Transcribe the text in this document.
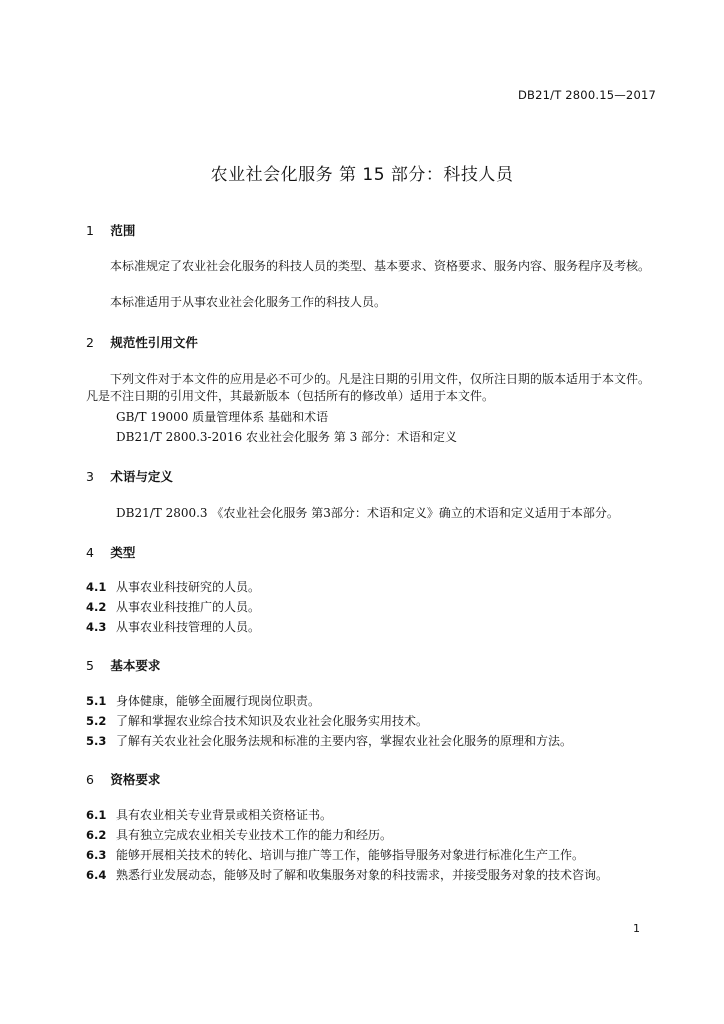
DB21/T 2800.15—2017
农业社会化服务 第 15 部分：科技人员
1 范围
本标准规定了农业社会化服务的科技人员的类型、基本要求、资格要求、服务内容、服务程序及考核。
本标准适用于从事农业社会化服务工作的科技人员。
2 规范性引用文件
下列文件对于本文件的应用是必不可少的。凡是注日期的引用文件，仅所注日期的版本适用于本文件。凡是不注日期的引用文件，其最新版本（包括所有的修改单）适用于本文件。
GB/T 19000 质量管理体系 基础和术语
DB21/T 2800.3-2016 农业社会化服务 第 3 部分：术语和定义
3 术语与定义
DB21/T 2800.3 《农业社会化服务 第3部分：术语和定义》确立的术语和定义适用于本部分。
4 类型
4.1 从事农业科技研究的人员。
4.2 从事农业科技推广的人员。
4.3 从事农业科技管理的人员。
5 基本要求
5.1 身体健康，能够全面履行现岗位职责。
5.2 了解和掌握农业综合技术知识及农业社会化服务实用技术。
5.3 了解有关农业社会化服务法规和标准的主要内容，掌握农业社会化服务的原理和方法。
6 资格要求
6.1 具有农业相关专业背景或相关资格证书。
6.2 具有独立完成农业相关专业技术工作的能力和经历。
6.3 能够开展相关技术的转化、培训与推广等工作，能够指导服务对象进行标准化生产工作。
6.4 熟悉行业发展动态，能够及时了解和收集服务对象的科技需求，并接受服务对象的技术咨询。
1
